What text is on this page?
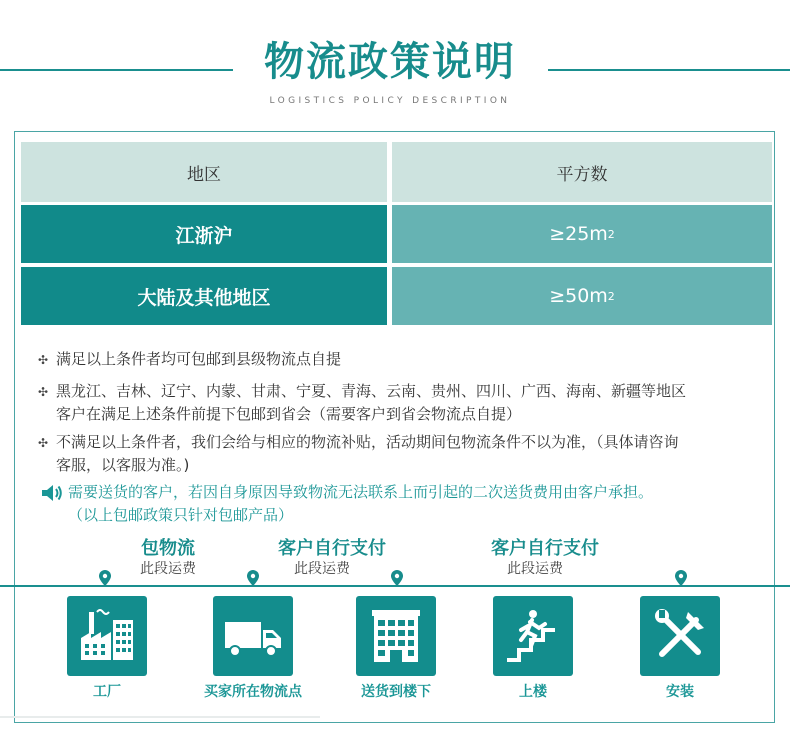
物流政策说明
LOGISTICS POLICY DESCRIPTION
地区	平方数
江浙沪	≥25m 2
大陆及其他地区	≥50m 2
✣ 满足以上条件者均可包邮到县级物流点自提
✣ 黑龙江、吉林、辽宁、内蒙、甘肃、宁夏、青海、云南、贵州、四川、广西、海南、新疆等地区
客户在满足上述条件前提下包邮到省会（需要客户到省会物流点自提）
✣ 不满足以上条件者，我们会给与相应的物流补贴，活动期间包物流条件不以为准，（具体请咨询
客服，以客服为准。)
需要送货的客户，若因自身原因导致物流无法联系上而引起的二次送货费用由客户承担。
（以上包邮政策只针对包邮产品）
包物流
此段运费
客户自行支付
此段运费
客户自行支付
此段运费
工厂	买家所在物流点	送货到楼下	上楼	安装
